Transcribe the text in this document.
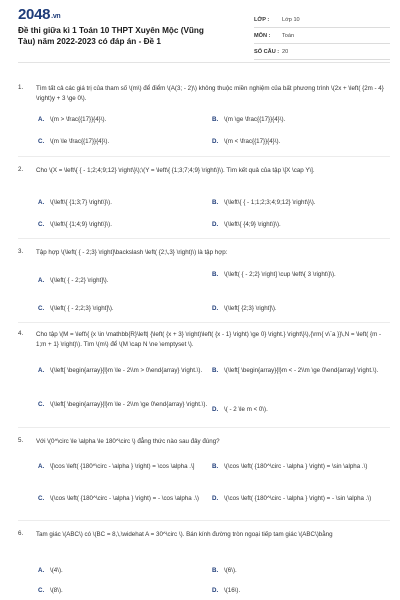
2048.vn
Đề thi giữa kì 1 Toán 10 THPT Xuyên Mộc (Vũng Tàu) năm 2022-2023 có đáp án - Đề 1
LỚP :	Lớp 10
MÔN :	Toán
SỐ CÂU : 20
1. Tìm tất cả các giá trị của tham số \(m\) để điểm \(A(3; - 2)\) không thuộc miền nghiệm của bất phương trình \(2x + \left( {2m - 4} \right)y + 3 \ge 0\).
A. \(m > \frac{{17}}{4}\).	B. \(m \ge \frac{{17}}{4}\).
C. \(m \le \frac{{17}}{4}\).	D. \(m < \frac{{17}}{4}\).
2. Cho \(X = \left\{ { - 1;2;4;9;12} \right\}\);\(Y = \left\{ {1;3;7;4;9} \right\}\). Tìm kết quả của tập \[X \cap Y\].
A. \(\left\{ {1;3;7} \right\}\).	B. \(\left\{ { - 1;1;2;3;4;9;12} \right\}\).
C. \(\left\{ {1;4;9} \right\}\).	D. \(\left\{ {4;9} \right\}\).
3. Tập hợp \(\left( { - 2;3} \right]\backslash \left( {2;\,3} \right)\) là tập hợp:
A. \(\left( { - 2;2} \right]\).
B. \(\left( { - 2;2} \right] \cup \left\{ 3 \right\}\).
C. \(\left( { - 2;2;3} \right]\).	D. \(\left[ {2;3} \right]\).
4. Cho tập \(M = \left\{ {x \in \mathbb{R}\left| {\left( {x + 3} \right)\left( {x - 1} \right) \ge 0} \right.} \right\}\),{\rm{ v\`a }}\,N = \left( {m - 1;m + 1} \right)\). Tìm \(m\) để \(M \cap N \ne \emptyset \).
A. \(\left[ \begin{array}{l}m \le - 2\\m > 0\end{array} \right.\).	B. \(\left[ \begin{array}{l}m < - 2\\m \ge 0\end{array} \right.\).
C. \(\left[ \begin{array}{l}m \le - 2\\m \ge 0\end{array} \right.\).
D. \( - 2 \le m < 0\).
5. Với \(0^\circ \le \alpha \le 180^\circ \) đẳng thức nào sau đây đúng?
A. \[\cos \left( {180^\circ - \alpha } \right) = \cos \alpha .\]	B. \(\cos \left( {180^\circ - \alpha } \right) = \sin \alpha .\)
C. \(\cos \left( {180^\circ - \alpha } \right) = - \cos \alpha .\)	D. \(\cos \left( {180^\circ - \alpha } \right) = - \sin \alpha .\)
6. Tam giác \(ABC\) có \(BC = 8,\,\widehat A = 30^\circ \). Bán kính đường tròn ngoại tiếp tam giác \(ABC\)bằng
A. \(4\).	B. \(6\).
C. \(8\).	D. \(16\).
